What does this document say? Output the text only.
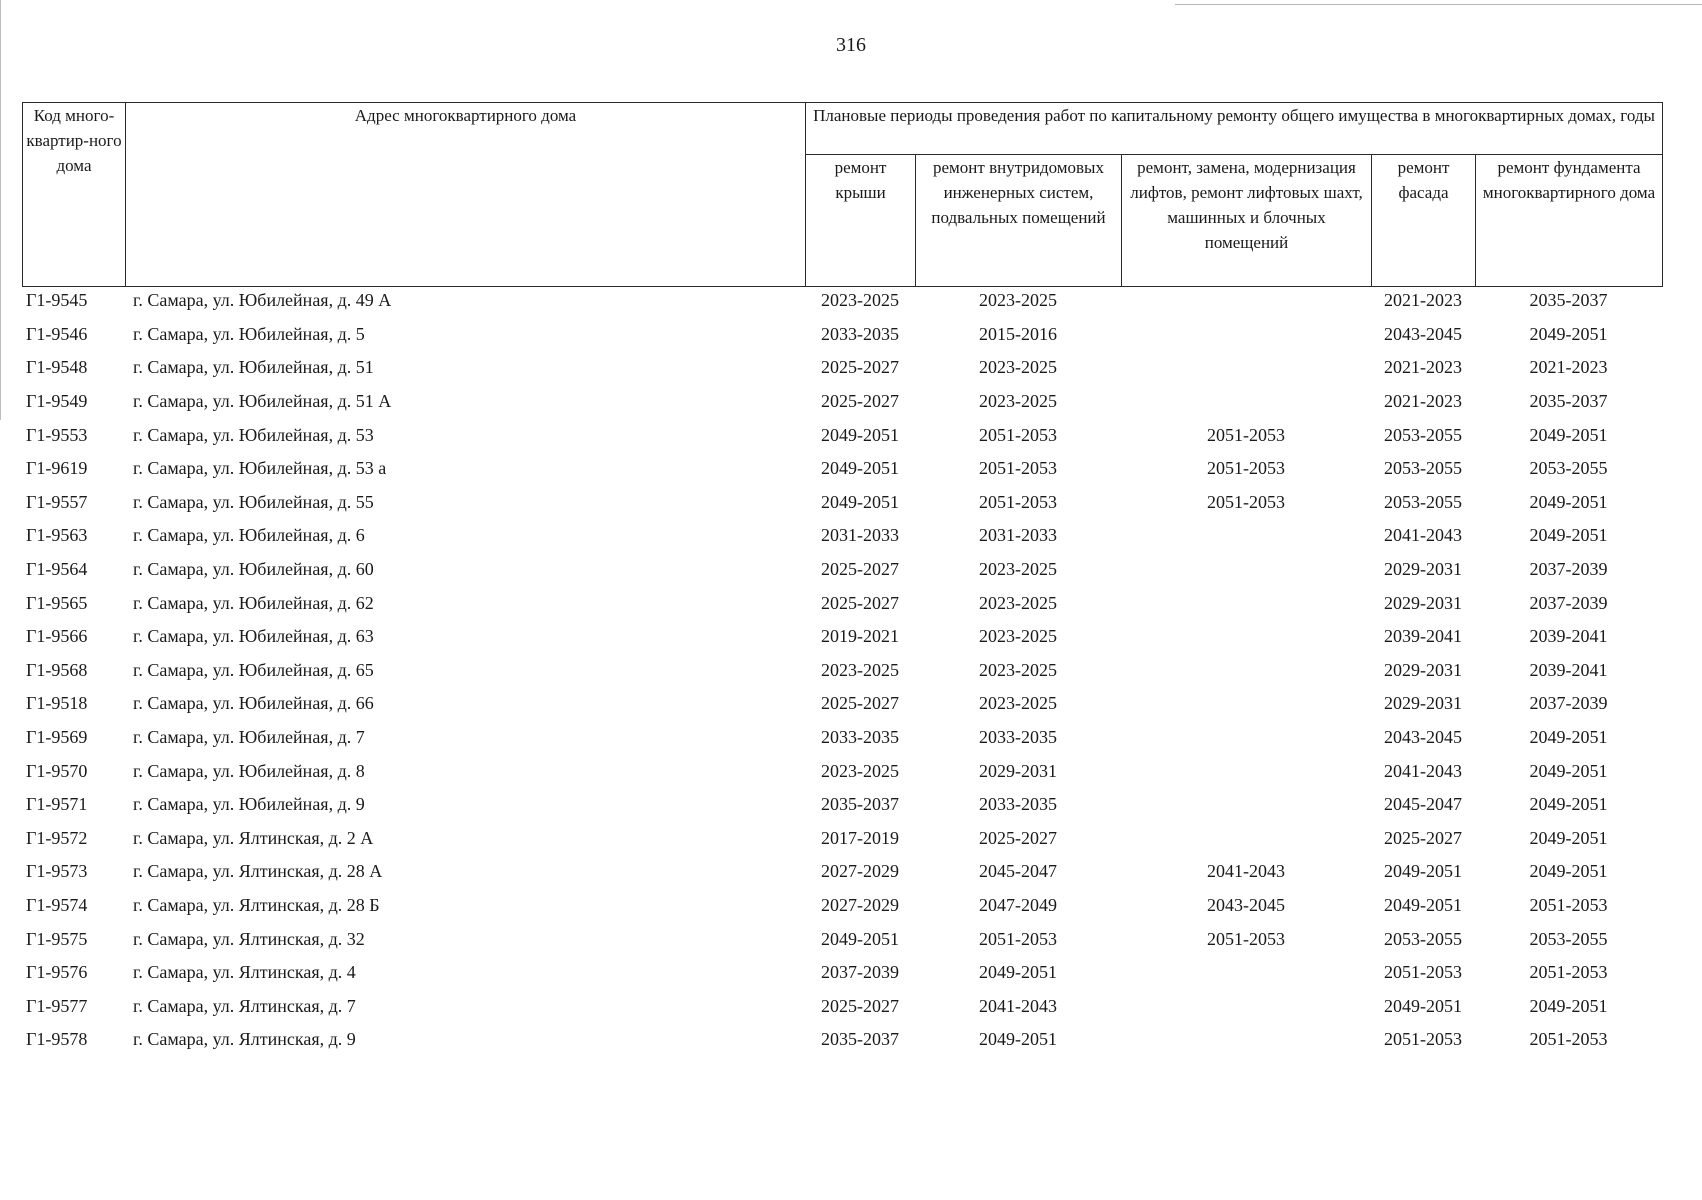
316
Код много-квартир-ного дома	Адрес многоквартирного дома	Плановые периоды проведения работ по капитальному ремонту общего имущества в многоквартирных домах, годы				
		ремонт крыши	ремонт внутридомовых инженерных систем, подвальных помещений	ремонт, замена, модернизация лифтов, ремонт лифтовых шахт, машинных и блочных помещений	ремонт фасада	ремонт фундамента многоквартирного дома
Г1-9545	г. Самара, ул. Юбилейная, д. 49 А	2023-2025	2023-2025		2021-2023	2035-2037
Г1-9546	г. Самара, ул. Юбилейная, д. 5	2033-2035	2015-2016		2043-2045	2049-2051
Г1-9548	г. Самара, ул. Юбилейная, д. 51	2025-2027	2023-2025		2021-2023	2021-2023
Г1-9549	г. Самара, ул. Юбилейная, д. 51 А	2025-2027	2023-2025		2021-2023	2035-2037
Г1-9553	г. Самара, ул. Юбилейная, д. 53	2049-2051	2051-2053	2051-2053	2053-2055	2049-2051
Г1-9619	г. Самара, ул. Юбилейная, д. 53 а	2049-2051	2051-2053	2051-2053	2053-2055	2053-2055
Г1-9557	г. Самара, ул. Юбилейная, д. 55	2049-2051	2051-2053	2051-2053	2053-2055	2049-2051
Г1-9563	г. Самара, ул. Юбилейная, д. 6	2031-2033	2031-2033		2041-2043	2049-2051
Г1-9564	г. Самара, ул. Юбилейная, д. 60	2025-2027	2023-2025		2029-2031	2037-2039
Г1-9565	г. Самара, ул. Юбилейная, д. 62	2025-2027	2023-2025		2029-2031	2037-2039
Г1-9566	г. Самара, ул. Юбилейная, д. 63	2019-2021	2023-2025		2039-2041	2039-2041
Г1-9568	г. Самара, ул. Юбилейная, д. 65	2023-2025	2023-2025		2029-2031	2039-2041
Г1-9518	г. Самара, ул. Юбилейная, д. 66	2025-2027	2023-2025		2029-2031	2037-2039
Г1-9569	г. Самара, ул. Юбилейная, д. 7	2033-2035	2033-2035		2043-2045	2049-2051
Г1-9570	г. Самара, ул. Юбилейная, д. 8	2023-2025	2029-2031		2041-2043	2049-2051
Г1-9571	г. Самара, ул. Юбилейная, д. 9	2035-2037	2033-2035		2045-2047	2049-2051
Г1-9572	г. Самара, ул. Ялтинская, д. 2 А	2017-2019	2025-2027		2025-2027	2049-2051
Г1-9573	г. Самара, ул. Ялтинская, д. 28 А	2027-2029	2045-2047	2041-2043	2049-2051	2049-2051
Г1-9574	г. Самара, ул. Ялтинская, д. 28 Б	2027-2029	2047-2049	2043-2045	2049-2051	2051-2053
Г1-9575	г. Самара, ул. Ялтинская, д. 32	2049-2051	2051-2053	2051-2053	2053-2055	2053-2055
Г1-9576	г. Самара, ул. Ялтинская, д. 4	2037-2039	2049-2051		2051-2053	2051-2053
Г1-9577	г. Самара, ул. Ялтинская, д. 7	2025-2027	2041-2043		2049-2051	2049-2051
Г1-9578	г. Самара, ул. Ялтинская, д. 9	2035-2037	2049-2051		2051-2053	2051-2053
